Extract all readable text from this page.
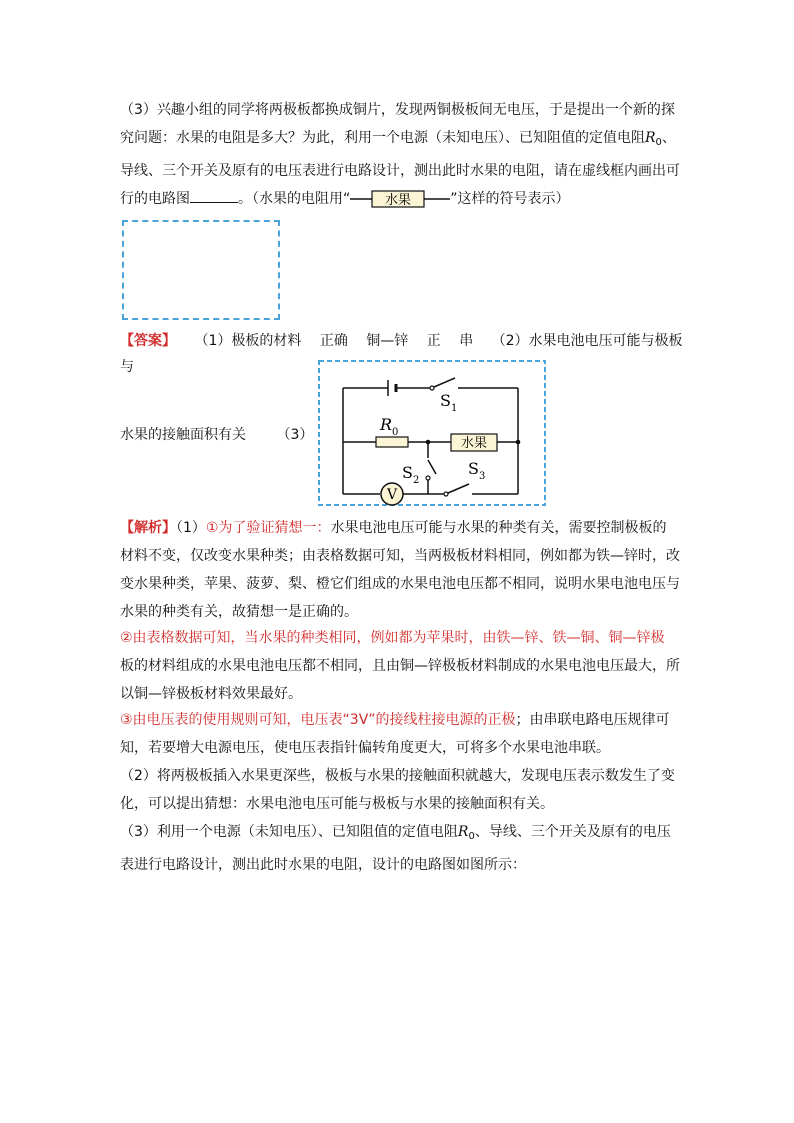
（3）兴趣小组的同学将两极板都换成铜片，发现两铜极板间无电压，于是提出一个新的探
究问题：水果的电阻是多大？为此，利用一个电源（未知电压）、已知阻值的定值电阻$R_0$、
导线、三个开关及原有的电压表进行电路设计，测出此时水果的电阻，请在虚线框内画出可
行的电路图	。（水果的电阻用“	水果	”这样的符号表示）

【答案】 （1）极板的材料 正确 铜—锌 正 串 （2）水果电池电压可能与极板与
水果的接触面积有关 （3）
$S_1$
$R_0$
水果
$S_2$
V
$S_3$

【解析】（1）①为了验证猜想一：水果电池电压可能与水果的种类有关，需要控制极板的
材料不变，仅改变水果种类；由表格数据可知，当两极板材料相同，例如都为铁—锌时，改
变水果种类，苹果、菠萝、梨、橙它们组成的水果电池电压都不相同，说明水果电池电压与
水果的种类有关，故猜想一是正确的。

②由表格数据可知，当水果的种类相同，例如都为苹果时，由铁—锌、铁—铜、铜—锌极
板的材料组成的水果电池电压都不相同，且由铜—锌极板材料制成的水果电池电压最大，所
以铜—锌极板材料效果最好。

③由电压表的使用规则可知，电压表“3V”的接线柱接电源的正极；由串联电路电压规律可
知，若要增大电源电压，使电压表指针偏转角度更大，可将多个水果电池串联。

（2）将两极板插入水果更深些，极板与水果的接触面积就越大，发现电压表示数发生了变
化，可以提出猜想：水果电池电压可能与极板与水果的接触面积有关。

（3）利用一个电源（未知电压）、已知阻值的定值电阻$R_0$、导线、三个开关及原有的电压
表进行电路设计，测出此时水果的电阻，设计的电路图如图所示：
